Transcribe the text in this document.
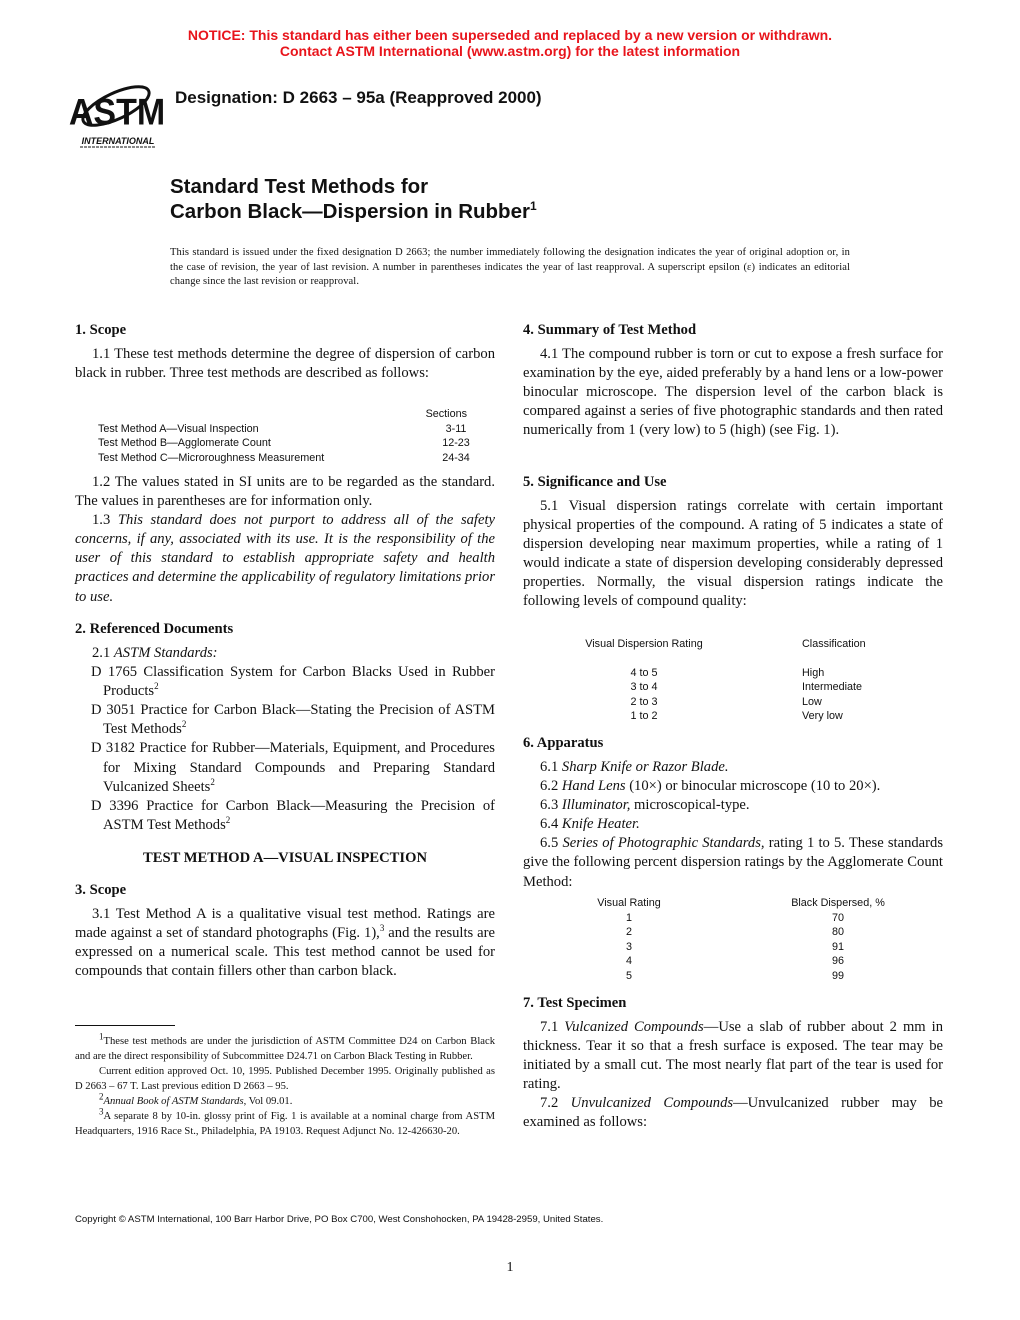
NOTICE: This standard has either been superseded and replaced by a new version or withdrawn.
Contact ASTM International (www.astm.org) for the latest information
ASTM
INTERNATIONAL
Designation: D 2663 – 95a (Reapproved 2000)
Standard Test Methods for
Carbon Black—Dispersion in Rubber$^1$
This standard is issued under the fixed designation D 2663; the number immediately following the designation indicates the year of original adoption or, in the case of revision, the year of last revision. A number in parentheses indicates the year of last reapproval. A superscript epsilon (ε) indicates an editorial change since the last revision or reapproval.
1. Scope

1.1 These test methods determine the degree of dispersion of carbon black in rubber. Three test methods are described as follows:

Sections
Test Method A—Visual Inspection	3-11
Test Method B—Agglomerate Count	12-23
Test Method C—Microroughness Measurement	24-34

1.2 The values stated in SI units are to be regarded as the standard. The values in parentheses are for information only.

1.3 This standard does not purport to address all of the safety concerns, if any, associated with its use. It is the responsibility of the user of this standard to establish appropriate safety and health practices and determine the applicability of regulatory limitations prior to use.

2. Referenced Documents

2.1 ASTM Standards:

D 1765 Classification System for Carbon Blacks Used in Rubber Products$^2$

D 3051 Practice for Carbon Black—Stating the Precision of ASTM Test Methods$^2$

D 3182 Practice for Rubber—Materials, Equipment, and Procedures for Mixing Standard Compounds and Preparing Standard Vulcanized Sheets$^2$

D 3396 Practice for Carbon Black—Measuring the Precision of ASTM Test Methods$^2$

TEST METHOD A—VISUAL INSPECTION
3. Scope

3.1 Test Method A is a qualitative visual test method. Ratings are made against a set of standard photographs (Fig. 1),$^3$ and the results are expressed on a numerical scale. This test method cannot be used for compounds that contain fillers other than carbon black.

$^1$These test methods are under the jurisdiction of ASTM Committee D24 on Carbon Black and are the direct responsibility of Subcommittee D24.71 on Carbon Black Testing in Rubber.

Current edition approved Oct. 10, 1995. Published December 1995. Originally published as D 2663 – 67 T. Last previous edition D 2663 – 95.

$^2$Annual Book of ASTM Standards, Vol 09.01.

$^3$A separate 8 by 10-in. glossy print of Fig. 1 is available at a nominal charge from ASTM Headquarters, 1916 Race St., Philadelphia, PA 19103. Request Adjunct No. 12-426630-20.

4. Summary of Test Method

4.1 The compound rubber is torn or cut to expose a fresh surface for examination by the eye, aided preferably by a hand lens or a low-power binocular microscope. The dispersion level of the carbon black is compared against a series of five photographic standards and then rated numerically from 1 (very low) to 5 (high) (see Fig. 1).

5. Significance and Use

5.1 Visual dispersion ratings correlate with certain important physical properties of the compound. A rating of 5 indicates a state of dispersion developing near maximum properties, while a rating of 1 would indicate a state of dispersion developing considerably depressed properties. Normally, the visual dispersion ratings indicate the following levels of compound quality:

Visual Dispersion Rating	Classification
4 to 5	High
3 to 4	Intermediate
2 to 3	Low
1 to 2	Very low
6. Apparatus

6.1 Sharp Knife or Razor Blade.

6.2 Hand Lens (10×) or binocular microscope (10 to 20×).

6.3 Illuminator, microscopical-type.

6.4 Knife Heater.

6.5 Series of Photographic Standards, rating 1 to 5. These standards give the following percent dispersion ratings by the Agglomerate Count Method:

Visual Rating	Black Dispersed, %
1	70
2	80
3	91
4	96
5	99
7. Test Specimen

7.1 Vulcanized Compounds—Use a slab of rubber about 2 mm in thickness. Tear it so that a fresh surface is exposed. The tear may be initiated by a small cut. The most nearly flat part of the tear is used for rating.

7.2 Unvulcanized Compounds—Unvulcanized rubber may be examined as follows:

Copyright © ASTM International, 100 Barr Harbor Drive, PO Box C700, West Conshohocken, PA 19428-2959, United States.
1
